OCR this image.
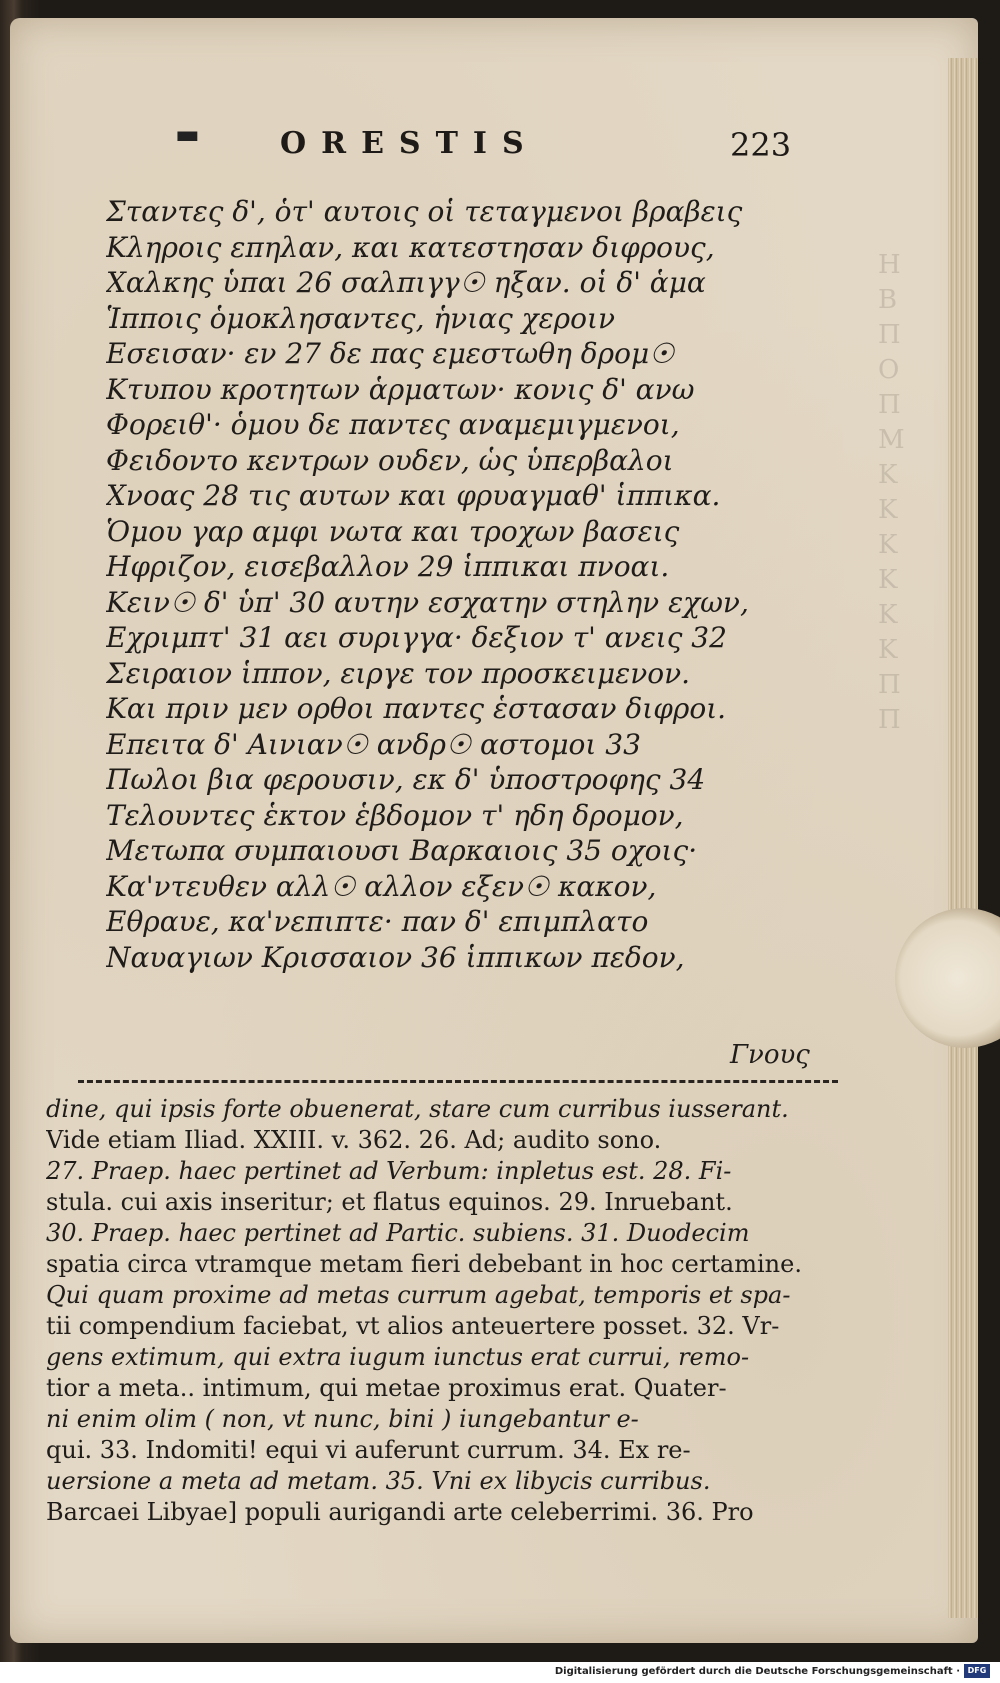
Η
Β
Π
Ο
Π
Μ
Κ
Κ
Κ
Κ
Κ
Κ
Π
Π
▬	ORESTIS	223
Σταντες δ', ὁτ' αυτοις οἱ τεταγμενοι βραβεις
Κληροις επηλαν, και κατεστησαν διφρους,
Χαλκης ὑπαι 26 σαλπιγγ☉ ηξαν. οἱ δ' ἁμα
Ἱπποις ὁμοκλησαντες, ἡνιας χεροιν
Εσεισαν· εν 27 δε πας εμεστωθη δρομ☉
Κτυπου κροτητων ἁρματων· κονις δ' ανω
Φορειθ'· ὁμου δε παντες αναμεμιγμενοι,
Φειδοντο κεντρων ουδεν, ὡς ὑπερβαλοι
Χνοας 28 τις αυτων και φρυαγμαθ' ἱππικα.
Ὁμου γαρ αμφι νωτα και τροχων βασεις
Ηφριζον, εισεβαλλον 29 ἱππικαι πνοαι.
Κειν☉ δ' ὑπ' 30 αυτην εσχατην στηλην εχων,
Εχριμπτ' 31 αει συριγγα· δεξιον τ' ανεις 32
Σειραιον ἱππον, ειργε τον προσκειμενον.
Και πριν μεν ορθοι παντες ἑστασαν διφροι.
Επειτα δ' Αινιαν☉ ανδρ☉ αστομοι 33
Πωλοι βια φερουσιν, εκ δ' ὑποστροφης 34
Τελουντες ἑκτον ἑβδομον τ' ηδη δρομον,
Μετωπα συμπαιουσι Βαρκαιοις 35 οχοις·
Κα'ντευθεν αλλ☉ αλλον εξεν☉ κακον,
Εθραυε, κα'νεπιπτε· παν δ' επιμπλατο
Ναυαγιων Κρισσαιον 36 ἱππικων πεδον,
Γνους
dine, qui ipsis forte obuenerat, stare cum curribus iusserant.
Vide etiam Iliad. XXIII. v. 362. 26. Ad; audito sono.
27. Praep. haec pertinet ad Verbum: inpletus est. 28. Fi-
stula. cui axis inseritur; et flatus equinos. 29. Inruebant.
30. Praep. haec pertinet ad Partic. subiens. 31. Duodecim
spatia circa vtramque metam fieri debebant in hoc certamine.
Qui quam proxime ad metas currum agebat, temporis et spa-
tii compendium faciebat, vt alios anteuertere posset. 32. Vr-
gens extimum, qui extra iugum iunctus erat currui, remo-
tior a meta.. intimum, qui metae proximus erat. Quater-
ni enim olim ( non, vt nunc, bini ) iungebantur e-
qui. 33. Indomiti! equi vi auferunt currum. 34. Ex re-
uersione a meta ad metam. 35. Vni ex libycis curribus.
Barcaei Libyae] populi aurigandi arte celeberrimi. 36. Pro
Digitalisierung gefördert durch die Deutsche Forschungsgemeinschaft · DFG
